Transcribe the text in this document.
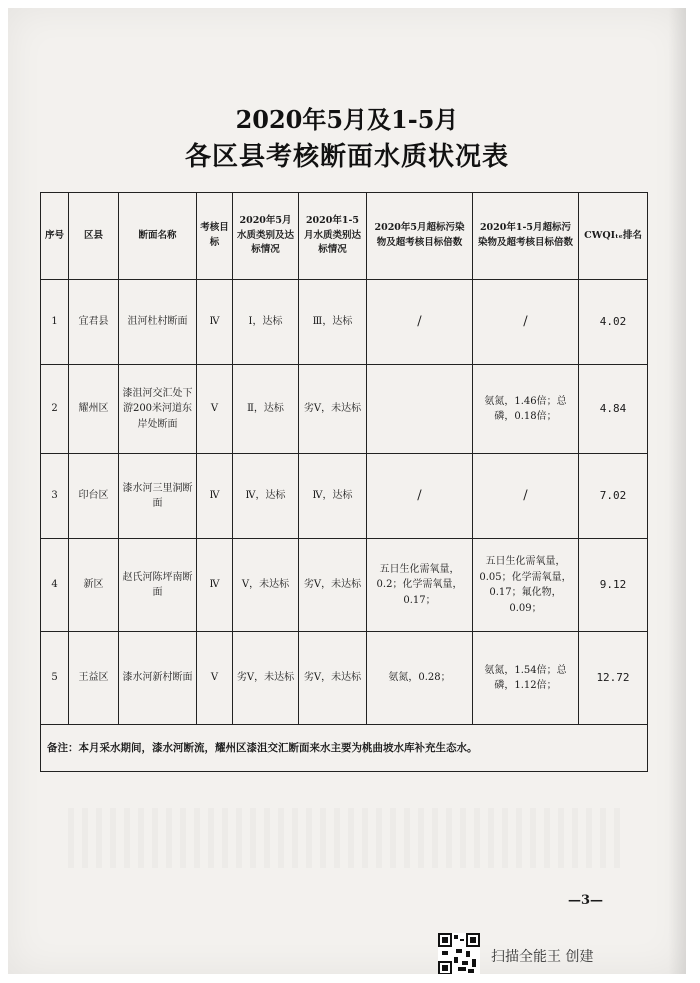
2020年5月及1-5月
各区县考核断面水质状况表
序号	区县	断面名称	考核目标	2020年5月水质类别及达标情况	2020年1-5月水质类别达标情况	2020年5月超标污染物及超考核目标倍数	2020年1-5月超标污染物及超考核目标倍数	CWQIₜₑ排名
1	宜君县	沮河杜村断面	Ⅳ	Ⅰ，达标	Ⅲ，达标	/	/	4.02
2	耀州区	漆沮河交汇处下游200米河道东岸处断面	Ⅴ	Ⅱ，达标	劣Ⅴ，未达标		氨氮，1.46倍；总磷，0.18倍；	4.84
3	印台区	漆水河三里洞断面	Ⅳ	Ⅳ，达标	Ⅳ，达标	/	/	7.02
4	新区	赵氏河陈坪南断面	Ⅳ	Ⅴ，未达标	劣Ⅴ，未达标	五日生化需氧量，0.2；化学需氧量，0.17；	五日生化需氧量，0.05；化学需氧量，0.17；氟化物，0.09；	9.12
5	王益区	漆水河新村断面	Ⅴ	劣Ⅴ，未达标	劣Ⅴ，未达标	氨氮，0.28；	氨氮，1.54倍；总磷，1.12倍；	12.72
备注：本月采水期间，漆水河断流，耀州区漆沮交汇断面来水主要为桃曲坡水库补充生态水。								
—3—
扫描全能王 创建
